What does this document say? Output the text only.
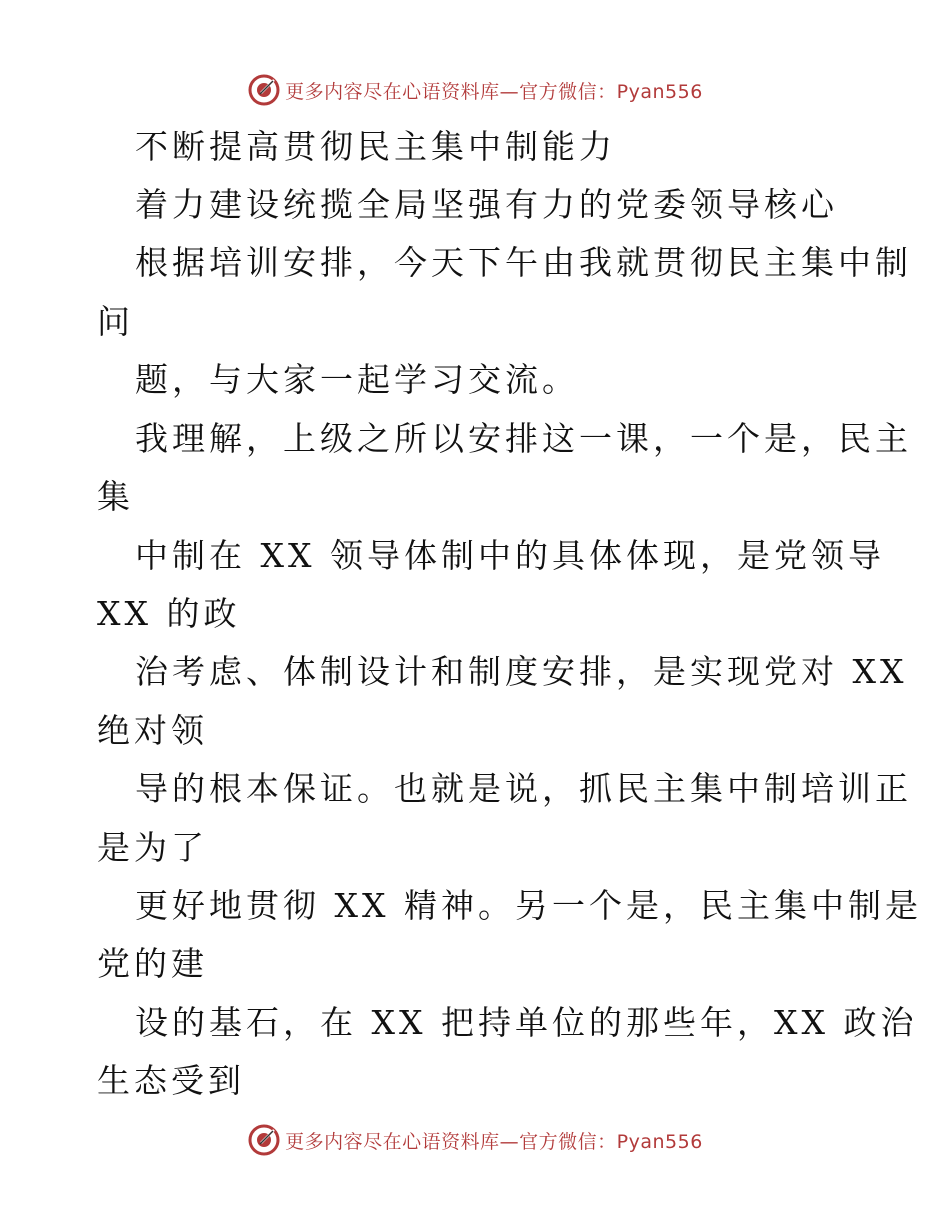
更多内容尽在心语资料库—官方微信：Pyan556
不断提高贯彻民主集中制能力
着力建设统揽全局坚强有力的党委领导核心
根据培训安排，今天下午由我就贯彻民主集中制
问
题，与大家一起学习交流。
我理解，上级之所以安排这一课，一个是，民主
集
中制在 XX 领导体制中的具体体现，是党领导
XX 的政
治考虑、体制设计和制度安排，是实现党对 XX
绝对领
导的根本保证。也就是说，抓民主集中制培训正
是为了
更好地贯彻 XX 精神。另一个是，民主集中制是
党的建
设的基石，在 XX 把持单位的那些年，XX 政治
生态受到
更多内容尽在心语资料库—官方微信：Pyan556
